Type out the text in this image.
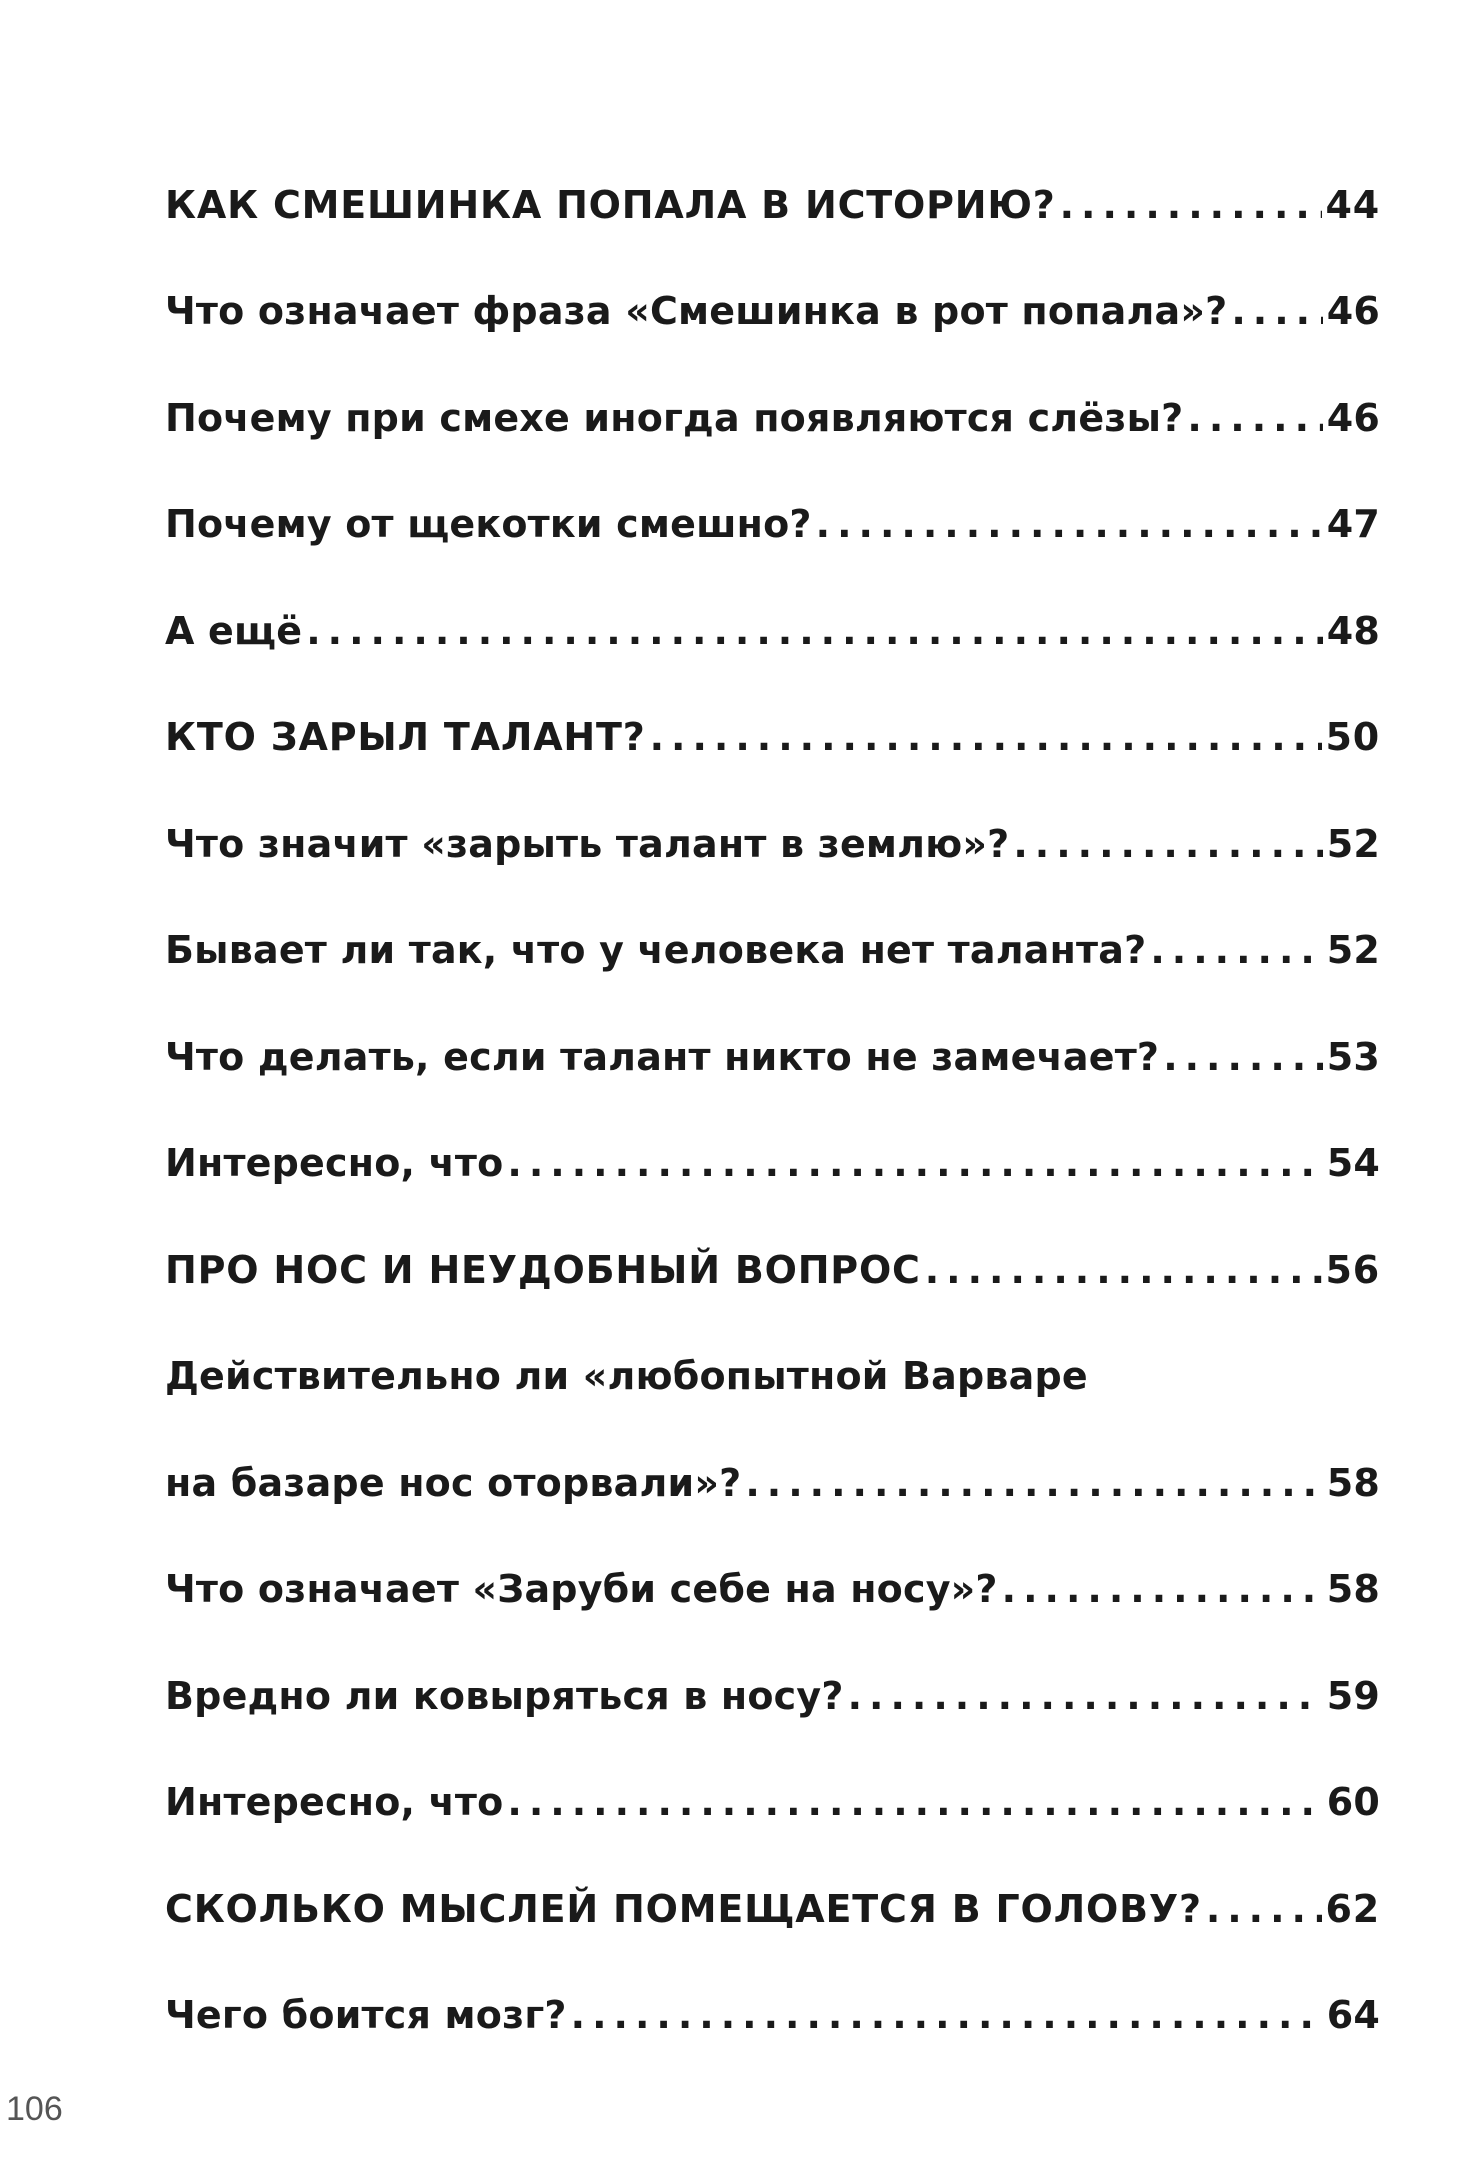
КАК СМЕШИНКА ПОПАЛА В ИСТОРИЮ? .....	44
Что означает фраза «Смешинка в рот попала»? .....	46
Почему при смехе иногда появляются слёзы? .....	46
Почему от щекотки смешно? .....	47
А ещё .....	48
КТО ЗАРЫЛ ТАЛАНТ? .....	50
Что значит «зарыть талант в землю»? .....	52
Бывает ли так, что у человека нет таланта? .....	52
Что делать, если талант никто не замечает? .....	53
Интересно, что .....	54
ПРО НОС И НЕУДОБНЫЙ ВОПРОС .....	56
Действительно ли «любопытной Варваре
на базаре нос оторвали»? .....	58
Что означает «Заруби себе на носу»? .....	58
Вредно ли ковыряться в носу? .....	59
Интересно, что .....	60
СКОЛЬКО МЫСЛЕЙ ПОМЕЩАЕТСЯ В ГОЛОВУ? .....	62
Чего боится мозг? .....	64
106
